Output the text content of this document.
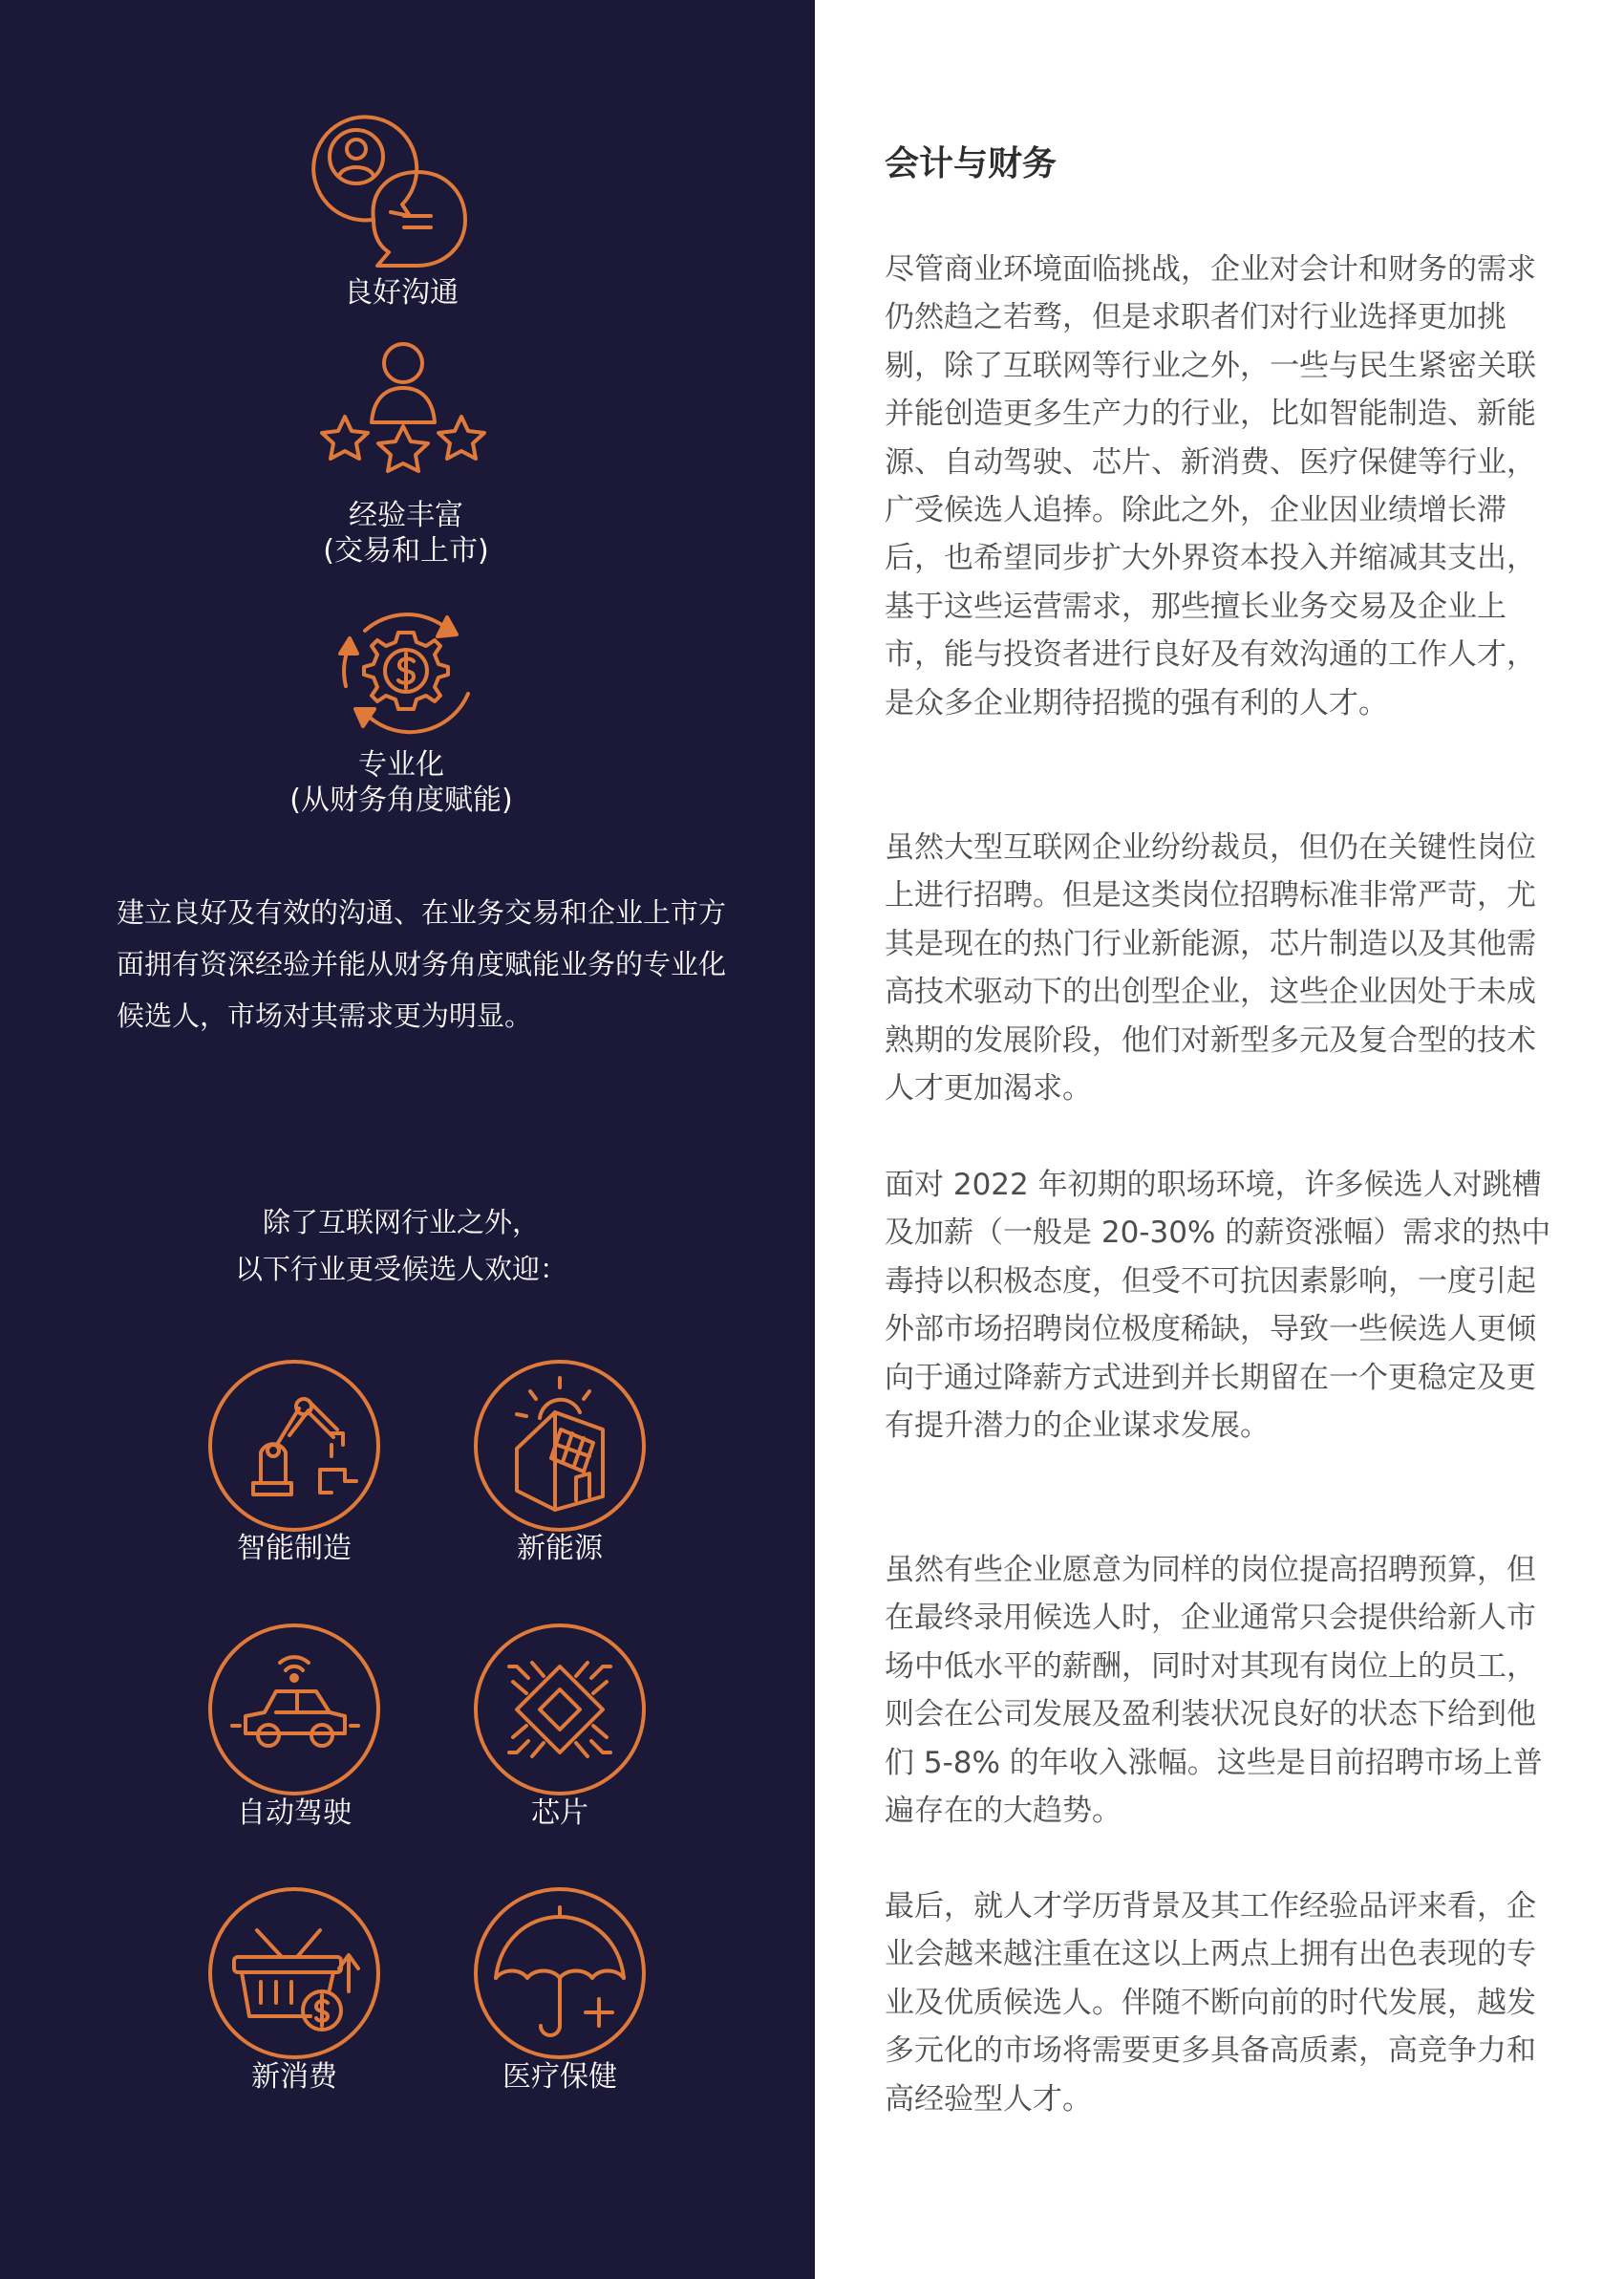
良好沟通
经验丰富
(交易和上市)
专业化
(从财务角度赋能)
建立良好及有效的沟通、在业务交易和企业上市方面拥有资深经验并能从财务角度赋能业务的专业化候选人，市场对其需求更为明显。
除了互联网行业之外，
以下行业更受候选人欢迎：
智能制造	新能源
自动驾驶	芯片
新消费	医疗保健
会计与财务

尽管商业环境面临挑战，企业对会计和财务的需求仍然趋之若骛，但是求职者们对行业选择更加挑剔，除了互联网等行业之外，一些与民生紧密关联并能创造更多生产力的行业，比如智能制造、新能源、自动驾驶、芯片、新消费、医疗保健等行业，广受候选人追捧。除此之外，企业因业绩增长滞后，也希望同步扩大外界资本投入并缩减其支出，基于这些运营需求，那些擅长业务交易及企业上市，能与投资者进行良好及有效沟通的工作人才，是众多企业期待招揽的强有利的人才。

虽然大型互联网企业纷纷裁员，但仍在关键性岗位上进行招聘。但是这类岗位招聘标准非常严苛，尤其是现在的热门行业新能源，芯片制造以及其他需高技术驱动下的出创型企业，这些企业因处于未成熟期的发展阶段，他们对新型多元及复合型的技术人才更加渴求。

面对 2022 年初期的职场环境，许多候选人对跳槽及加薪（一般是 20-30% 的薪资涨幅）需求的热中毒持以积极态度，但受不可抗因素影响，一度引起外部市场招聘岗位极度稀缺，导致一些候选人更倾向于通过降薪方式进到并长期留在一个更稳定及更有提升潜力的企业谋求发展。

虽然有些企业愿意为同样的岗位提高招聘预算，但在最终录用候选人时，企业通常只会提供给新人市场中低水平的薪酬，同时对其现有岗位上的员工，则会在公司发展及盈利装状况良好的状态下给到他们 5-8% 的年收入涨幅。这些是目前招聘市场上普遍存在的大趋势。

最后，就人才学历背景及其工作经验品评来看，企业会越来越注重在这以上两点上拥有出色表现的专业及优质候选人。伴随不断向前的时代发展，越发多元化的市场将需要更多具备高质素，高竞争力和高经验型人才。
